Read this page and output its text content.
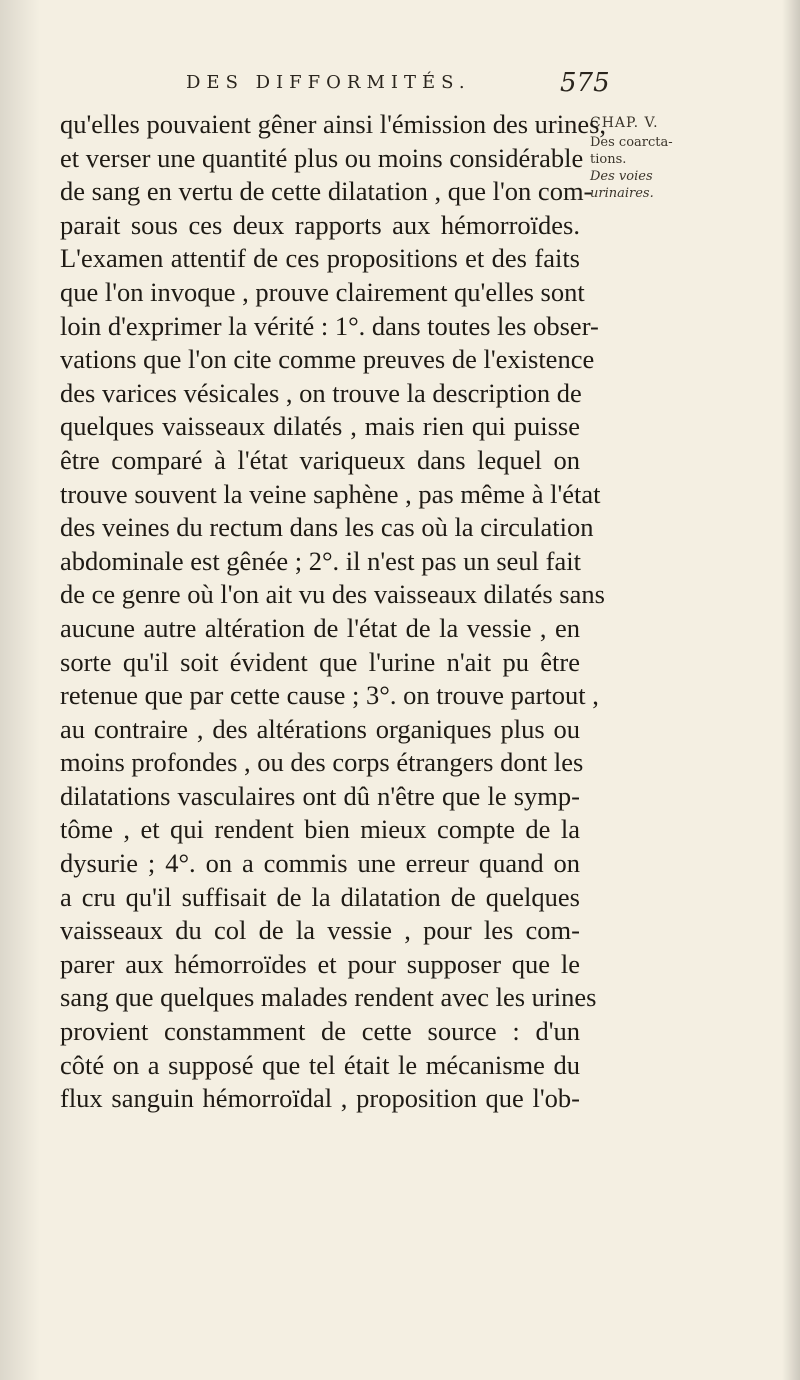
DES DIFFORMITÉS.	575
CHAP. V.
Des coarcta-
tions.
Des voies
urinaires.
qu'elles pouvaient gêner ainsi l'émission des urines,
et verser une quantité plus ou moins considérable
de sang en vertu de cette dilatation , que l'on com-
parait sous ces deux rapports aux hémorroïdes.
L'examen attentif de ces propositions et des faits
que l'on invoque , prouve clairement qu'elles sont
loin d'exprimer la vérité : 1°. dans toutes les obser-
vations que l'on cite comme preuves de l'existence
des varices vésicales , on trouve la description de
quelques vaisseaux dilatés , mais rien qui puisse
être comparé à l'état variqueux dans lequel on
trouve souvent la veine saphène , pas même à l'état
des veines du rectum dans les cas où la circulation
abdominale est gênée ; 2°. il n'est pas un seul fait
de ce genre où l'on ait vu des vaisseaux dilatés sans
aucune autre altération de l'état de la vessie , en
sorte qu'il soit évident que l'urine n'ait pu être
retenue que par cette cause ; 3°. on trouve partout ,
au contraire , des altérations organiques plus ou
moins profondes , ou des corps étrangers dont les
dilatations vasculaires ont dû n'être que le symp-
tôme , et qui rendent bien mieux compte de la
dysurie ; 4°. on a commis une erreur quand on
a cru qu'il suffisait de la dilatation de quelques
vaisseaux du col de la vessie , pour les com-
parer aux hémorroïdes et pour supposer que le
sang que quelques malades rendent avec les urines
provient constamment de cette source : d'un
côté on a supposé que tel était le mécanisme du
flux sanguin hémorroïdal , proposition que l'ob-
